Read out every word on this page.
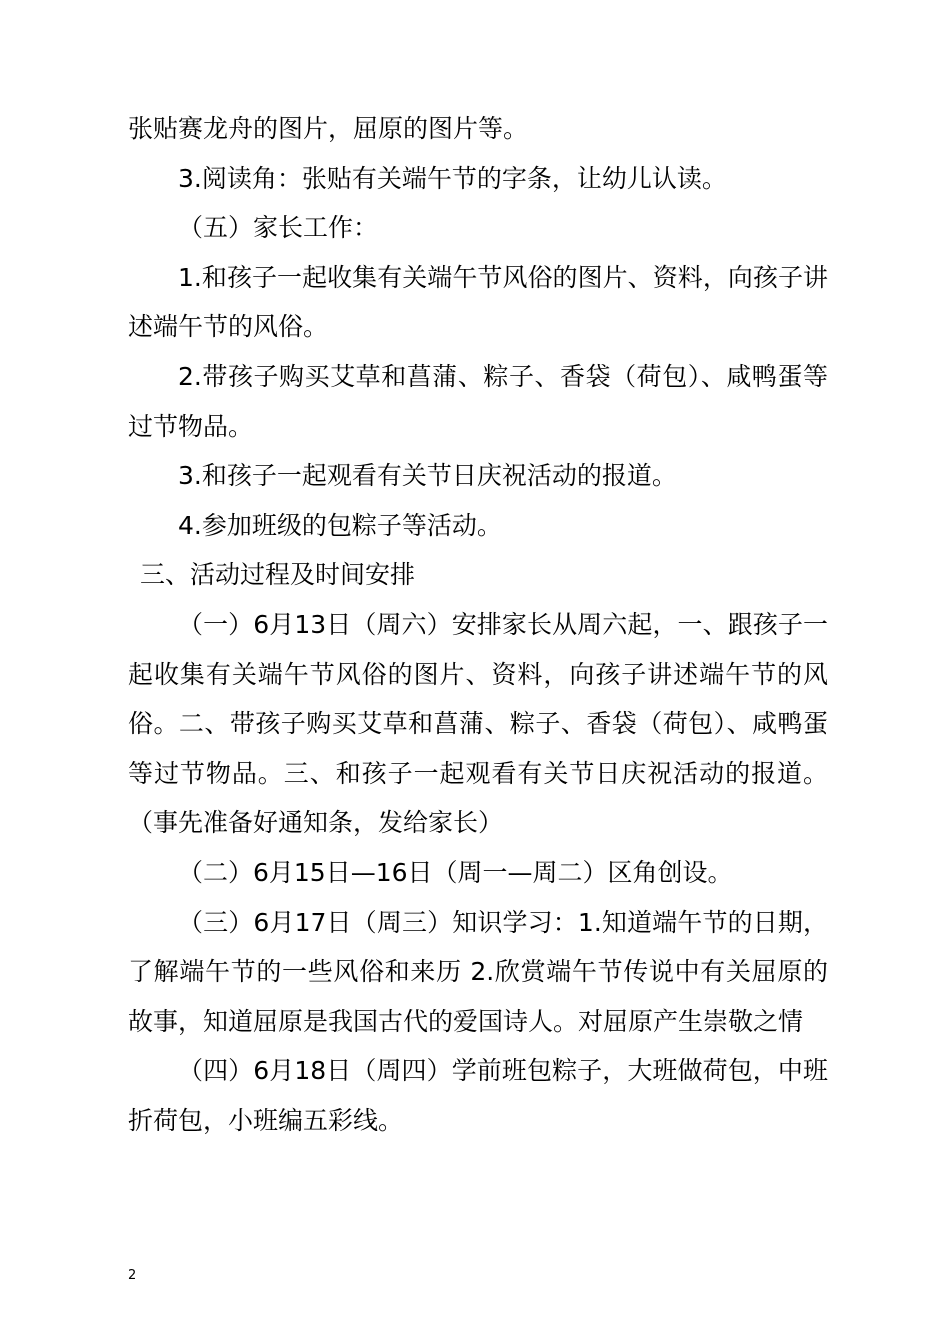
张贴赛龙舟的图片，屈原的图片等。

3.阅读角：张贴有关端午节的字条，让幼儿认读。

（五）家长工作：

1.和孩子一起收集有关端午节风俗的图片、资料，向孩子讲述端午节的风俗。

2.带孩子购买艾草和菖蒲、粽子、香袋（荷包）、咸鸭蛋等过节物品。

3.和孩子一起观看有关节日庆祝活动的报道。

4.参加班级的包粽子等活动。

三、活动过程及时间安排

（一）6月13日（周六）安排家长从周六起，一、跟孩子一起收集有关端午节风俗的图片、资料，向孩子讲述端午节的风俗。二、带孩子购买艾草和菖蒲、粽子、香袋（荷包）、咸鸭蛋等过节物品。三、和孩子一起观看有关节日庆祝活动的报道。（事先准备好通知条，发给家长）

（二）6月15日—16日（周一—周二）区角创设。

（三）6月17日（周三）知识学习：1.知道端午节的日期，了解端午节的一些风俗和来历 2.欣赏端午节传说中有关屈原的故事，知道屈原是我国古代的爱国诗人。对屈原产生崇敬之情

（四）6月18日（周四）学前班包粽子，大班做荷包，中班折荷包，小班编五彩线。

2
